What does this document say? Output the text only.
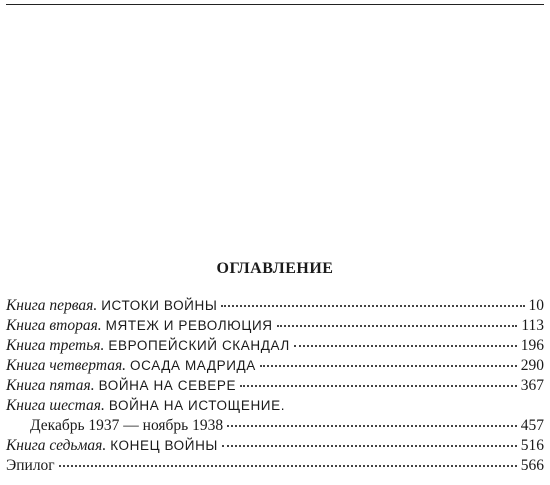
ОГЛАВЛЕНИЕ
Книга первая. ИСТОКИ ВОЙНЫ	10
Книга вторая. МЯТЕЖ И РЕВОЛЮЦИЯ	113
Книга третья. ЕВРОПЕЙСКИЙ СКАНДАЛ	196
Книга четвертая. ОСАДА МАДРИДА	290
Книга пятая. ВОЙНА НА СЕВЕРЕ	367
Книга шестая. ВОЙНА НА ИСТОЩЕНИЕ.
Декабрь 1937 — ноябрь 1938	457
Книга седьмая. КОНЕЦ ВОЙНЫ	516
Эпилог	566
